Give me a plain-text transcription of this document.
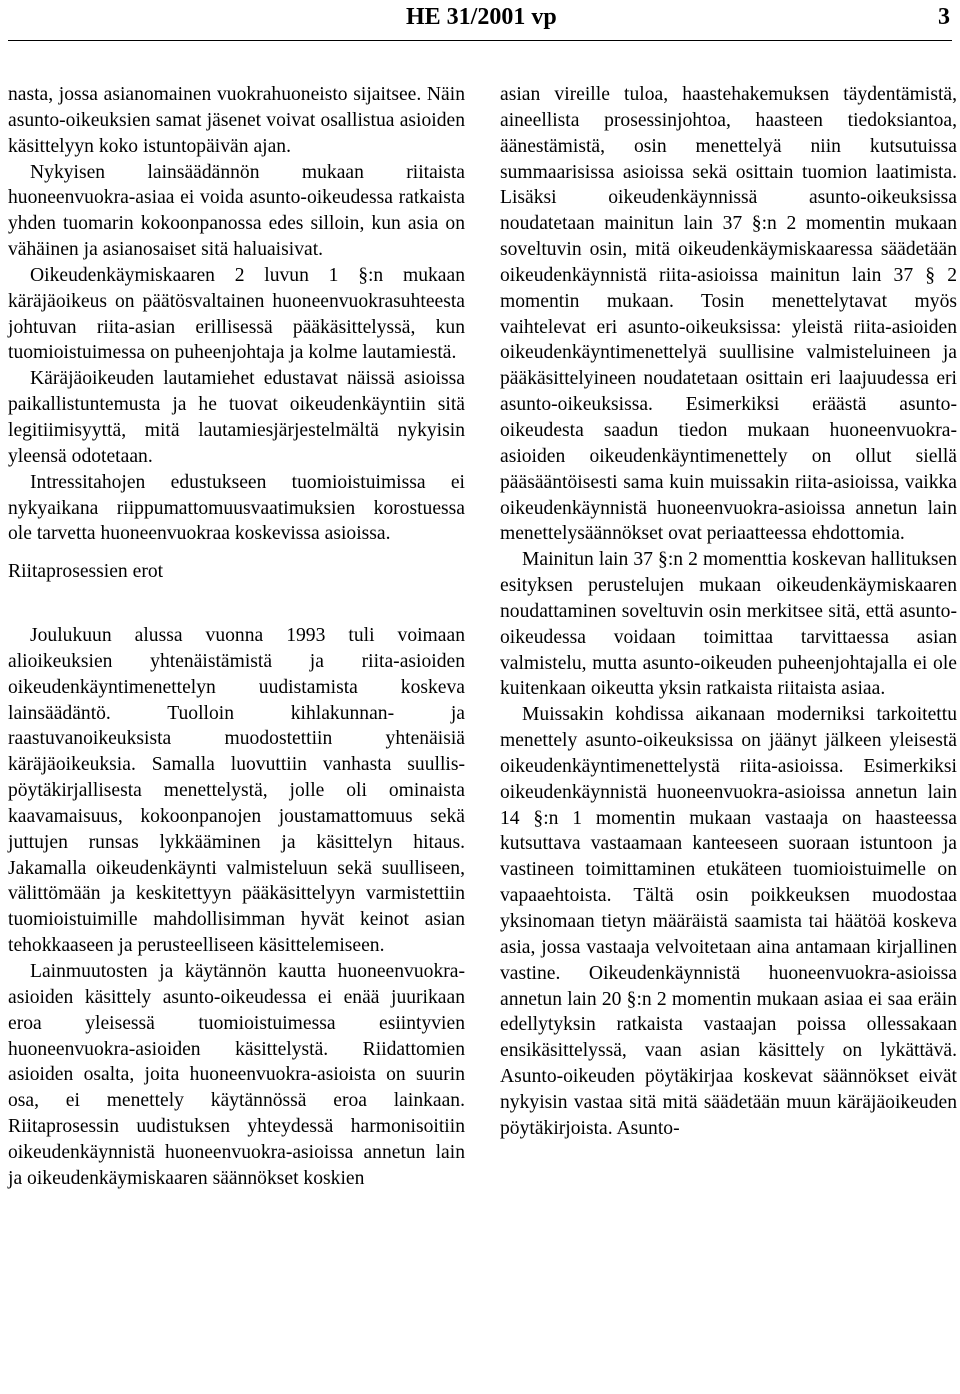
HE 31/2001 vp	3

nasta, jossa asianomainen vuokrahuoneisto sijaitsee. Näin asunto-oikeuksien samat jäsenet voivat osallistua asioiden käsittelyyn koko istuntopäivän ajan.

Nykyisen lainsäädännön mukaan riitaista huoneenvuokra-asiaa ei voida asunto-oikeudessa ratkaista yhden tuomarin kokoonpanossa edes silloin, kun asia on vähäinen ja asianosaiset sitä haluaisivat.

Oikeudenkäymiskaaren 2 luvun 1 §:n mukaan käräjäoikeus on päätösvaltainen huoneenvuokrasuhteesta johtuvan riita-asian erillisessä pääkäsittelyssä, kun tuomioistuimessa on puheenjohtaja ja kolme lautamiestä.

Käräjäoikeuden lautamiehet edustavat näissä asioissa paikallistuntemusta ja he tuovat oikeudenkäyntiin sitä legitiimisyyttä, mitä lautamiesjärjestelmältä nykyisin yleensä odotetaan.

Intressitahojen edustukseen tuomioistuimissa ei nykyaikana riippumattomuusvaatimuksien korostuessa ole tarvetta huoneenvuokraa koskevissa asioissa.

Riitaprosessien erot

Joulukuun alussa vuonna 1993 tuli voimaan alioikeuksien yhtenäistämistä ja riita-asioiden oikeudenkäyntimenettelyn uudistamista koskeva lainsäädäntö. Tuolloin kihlakunnan- ja raastuvanoikeuksista muodostettiin yhtenäisiä käräjäoikeuksia. Samalla luovuttiin vanhasta suullis-pöytäkirjallisesta menettelystä, jolle oli ominaista kaavamaisuus, kokoonpanojen joustamattomuus sekä juttujen runsas lykkääminen ja käsittelyn hitaus. Jakamalla oikeudenkäynti valmisteluun sekä suulliseen, välittömään ja keskitettyyn pääkäsittelyyn varmistettiin tuomioistuimille mahdollisimman hyvät keinot asian tehokkaaseen ja perusteelliseen käsittelemiseen.

Lainmuutosten ja käytännön kautta huoneenvuokra-asioiden käsittely asunto-oikeudessa ei enää juurikaan eroa yleisessä tuomioistuimessa esiintyvien huoneenvuokra-asioiden käsittelystä. Riidattomien asioiden osalta, joita huoneenvuokra-asioista on suurin osa, ei menettely käytännössä eroa lainkaan. Riitaprosessin uudistuksen yhteydessä harmonisoitiin oikeudenkäynnistä huoneenvuokra-asioissa annetun lain ja oikeudenkäymiskaaren säännökset koskien

asian vireille tuloa, haastehakemuksen täydentämistä, aineellista prosessinjohtoa, haasteen tiedoksiantoa, äänestämistä, osin menettelyä niin kutsutuissa summaarisissa asioissa sekä osittain tuomion laatimista. Lisäksi oikeudenkäynnissä asunto-oikeuksissa noudatetaan mainitun lain 37 §:n 2 momentin mukaan soveltuvin osin, mitä oikeudenkäymiskaaressa säädetään oikeudenkäynnistä riita-asioissa mainitun lain 37 § 2 momentin mukaan. Tosin menettelytavat myös vaihtelevat eri asunto-oikeuksissa: yleistä riita-asioiden oikeudenkäyntimenettelyä suullisine valmisteluineen ja pääkäsittelyineen noudatetaan osittain eri laajuudessa eri asunto-oikeuksissa. Esimerkiksi eräästä asunto-oikeudesta saadun tiedon mukaan huoneenvuokra-asioiden oikeudenkäyntimenettely on ollut siellä pääsääntöisesti sama kuin muissakin riita-asioissa, vaikka oikeudenkäynnistä huoneenvuokra-asioissa annetun lain menettelysäännökset ovat periaatteessa ehdottomia.

Mainitun lain 37 §:n 2 momenttia koskevan hallituksen esityksen perustelujen mukaan oikeudenkäymiskaaren noudattaminen soveltuvin osin merkitsee sitä, että asunto-oikeudessa voidaan toimittaa tarvittaessa asian valmistelu, mutta asunto-oikeuden puheenjohtajalla ei ole kuitenkaan oikeutta yksin ratkaista riitaista asiaa.

Muissakin kohdissa aikanaan moderniksi tarkoitettu menettely asunto-oikeuksissa on jäänyt jälkeen yleisestä oikeudenkäyntimenettelystä riita-asioissa. Esimerkiksi oikeudenkäynnistä huoneenvuokra-asioissa annetun lain 14 §:n 1 momentin mukaan vastaaja on haasteessa kutsuttava vastaamaan kanteeseen suoraan istuntoon ja vastineen toimittaminen etukäteen tuomioistuimelle on vapaaehtoista. Tältä osin poikkeuksen muodostaa yksinomaan tietyn määräistä saamista tai häätöä koskeva asia, jossa vastaaja velvoitetaan aina antamaan kirjallinen vastine. Oikeudenkäynnistä huoneenvuokra-asioissa annetun lain 20 §:n 2 momentin mukaan asiaa ei saa eräin edellytyksin ratkaista vastaajan poissa ollessakaan ensikäsittelyssä, vaan asian käsittely on lykättävä. Asunto-oikeuden pöytäkirjaa koskevat säännökset eivät nykyisin vastaa sitä mitä säädetään muun käräjäoikeuden pöytäkirjoista. Asunto-
